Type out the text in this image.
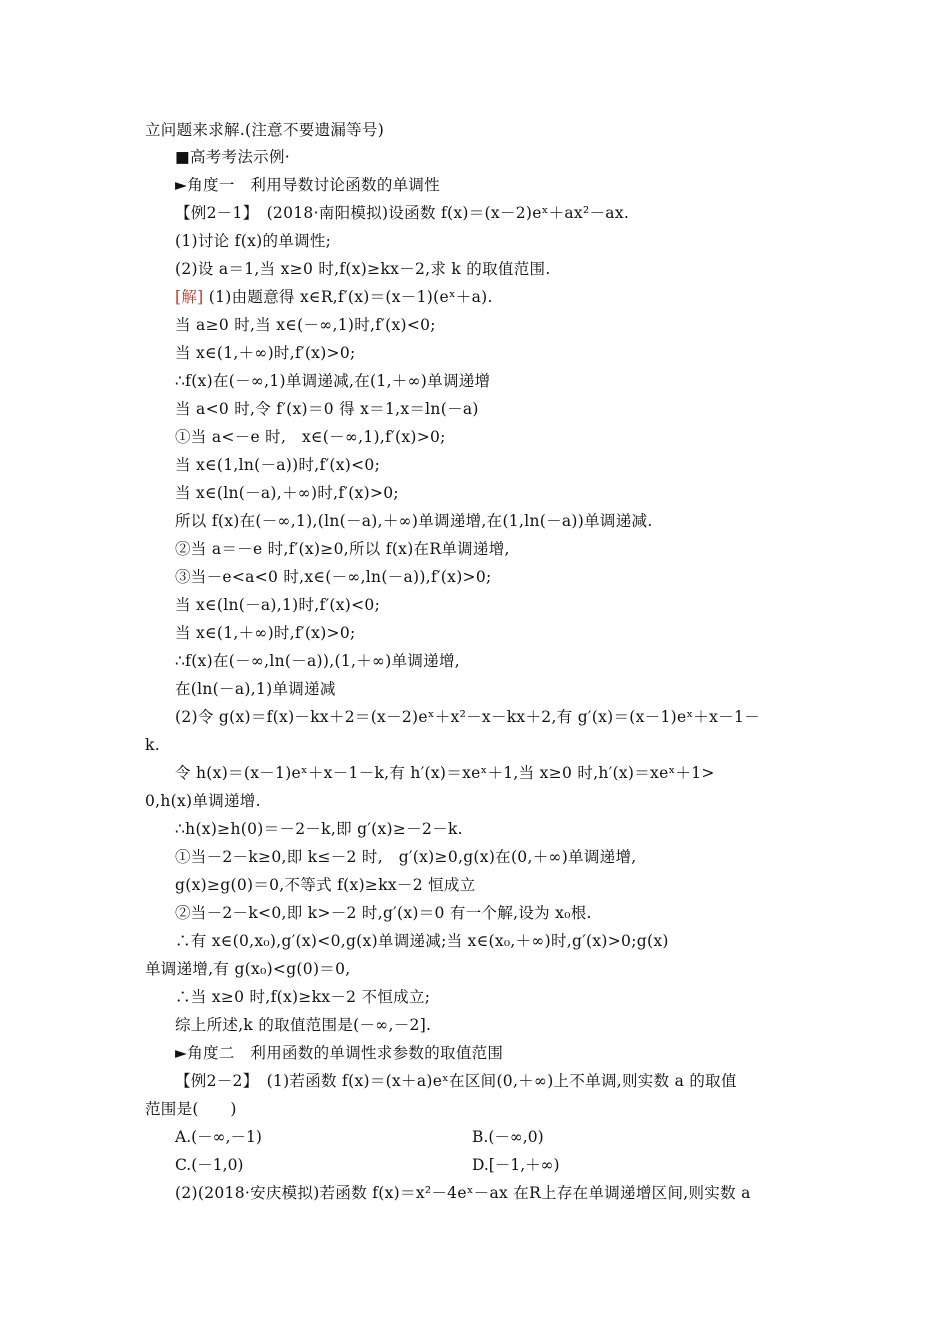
立问题来求解.(注意不要遗漏等号)
■高考考法示例·
►角度一　利用导数讨论函数的单调性
【例2－1】　(2018·南阳模拟)设函数 f(x)＝(x－2)eˣ＋ax²－ax.
(1)讨论 f(x)的单调性;
(2)设 a＝1,当 x≥0 时,f(x)≥kx－2,求 k 的取值范围.
[解] (1)由题意得 x∈R,f′(x)＝(x－1)(eˣ＋a).
当 a≥0 时,当 x∈(－∞,1)时,f′(x)<0;
当 x∈(1,＋∞)时,f′(x)>0;
∴f(x)在(－∞,1)单调递减,在(1,＋∞)单调递增
当 a<0 时,令 f′(x)＝0 得 x＝1,x＝ln(－a)
①当 a<－e 时,　x∈(－∞,1),f′(x)>0;
当 x∈(1,ln(－a))时,f′(x)<0;
当 x∈(ln(－a),＋∞)时,f′(x)>0;
所以 f(x)在(－∞,1),(ln(－a),＋∞)单调递增,在(1,ln(－a))单调递减.
②当 a＝－e 时,f′(x)≥0,所以 f(x)在R单调递增,
③当－e<a<0 时,x∈(－∞,ln(－a)),f′(x)>0;
当 x∈(ln(－a),1)时,f′(x)<0;
当 x∈(1,＋∞)时,f′(x)>0;
∴f(x)在(－∞,ln(－a)),(1,＋∞)单调递增,
在(ln(－a),1)单调递减
(2)令 g(x)＝f(x)－kx＋2＝(x－2)eˣ＋x²－x－kx＋2,有 g′(x)＝(x－1)eˣ＋x－1－
k.
令 h(x)＝(x－1)eˣ＋x－1－k,有 h′(x)＝xeˣ＋1,当 x≥0 时,h′(x)＝xeˣ＋1>
0,h(x)单调递增.
∴h(x)≥h(0)＝－2－k,即 g′(x)≥－2－k.
①当－2－k≥0,即 k≤－2 时,　g′(x)≥0,g(x)在(0,＋∞)单调递增,
g(x)≥g(0)＝0,不等式 f(x)≥kx－2 恒成立
②当－2－k<0,即 k>－2 时,g′(x)＝0 有一个解,设为 x₀根.
∴有 x∈(0,x₀),g′(x)<0,g(x)单调递减;当 x∈(x₀,＋∞)时,g′(x)>0;g(x)
单调递增,有 g(x₀)<g(0)＝0,
∴当 x≥0 时,f(x)≥kx－2 不恒成立;
综上所述,k 的取值范围是(－∞,－2].
►角度二　利用函数的单调性求参数的取值范围
【例2－2】　(1)若函数 f(x)＝(x＋a)eˣ在区间(0,＋∞)上不单调,则实数 a 的取值
范围是(　　)
A.(－∞,－1)	B.(－∞,0)
C.(－1,0)	D.[－1,＋∞)
(2)(2018·安庆模拟)若函数 f(x)＝x²－4eˣ－ax 在R上存在单调递增区间,则实数 a
